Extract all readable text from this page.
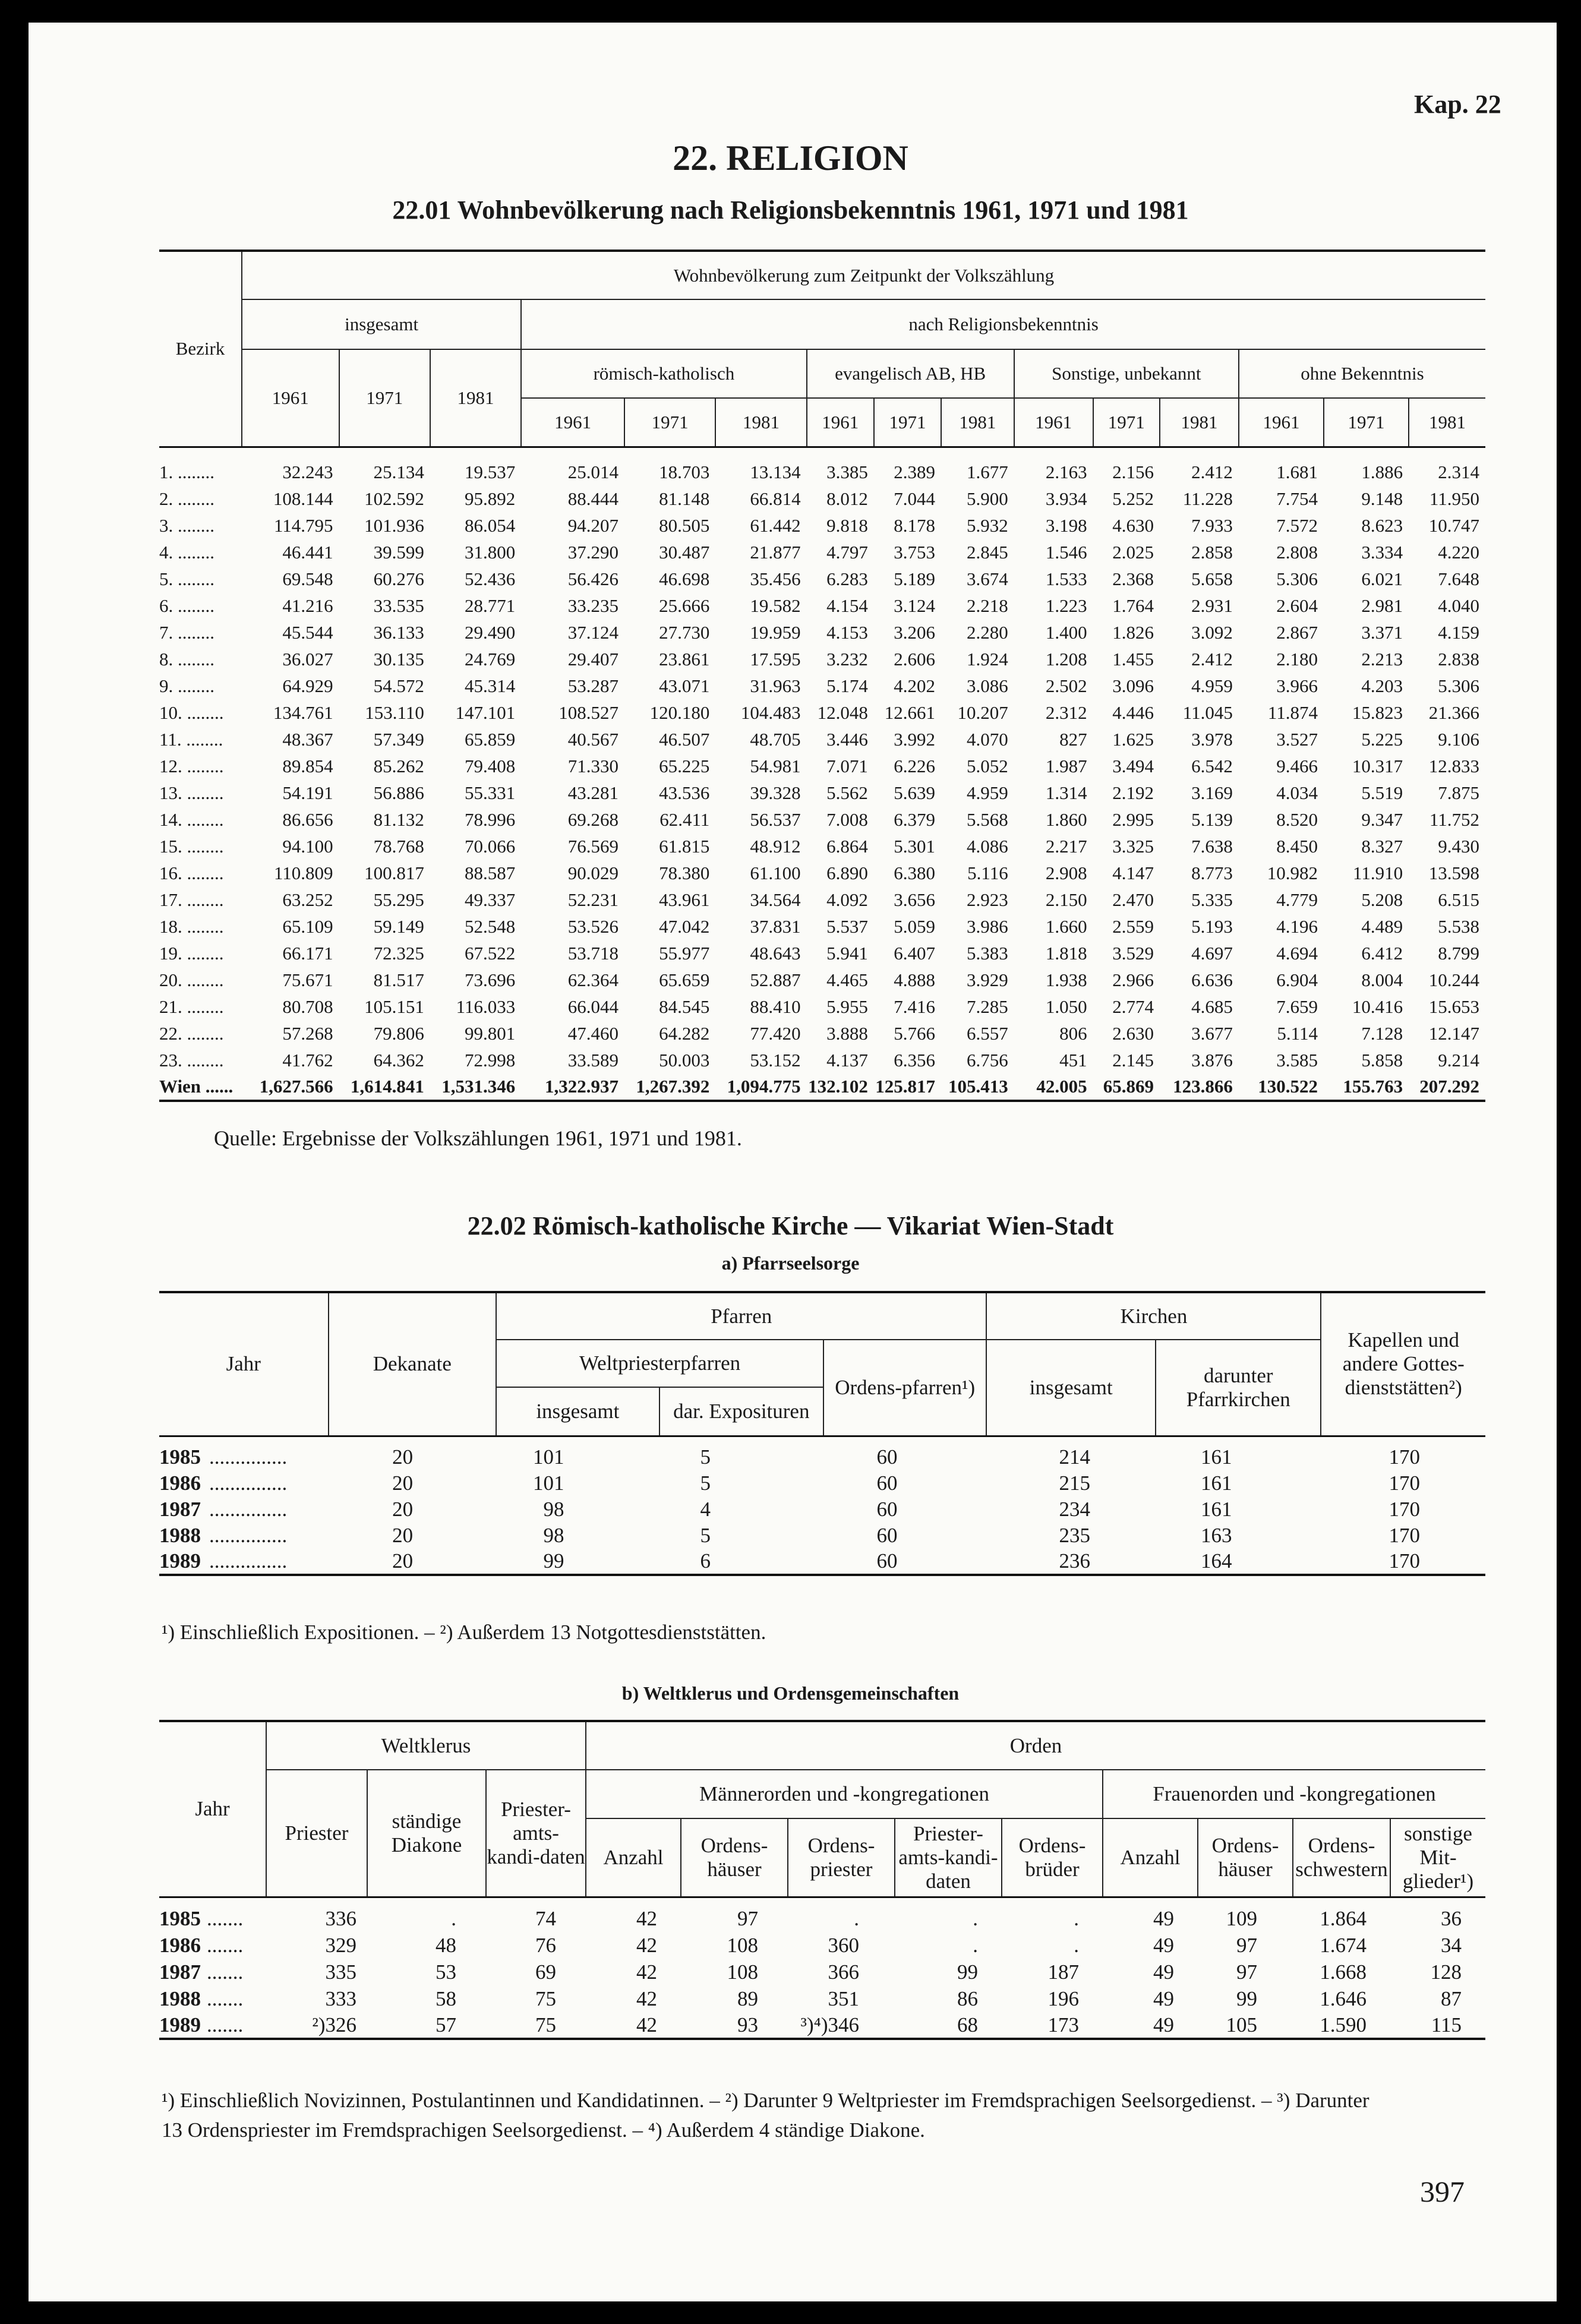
Kap. 22
22. RELIGION
22.01 Wohnbevölkerung nach Religionsbekenntnis 1961, 1971 und 1981
Bezirk	Wohnbevölkerung zum Zeitpunkt der Volkszählung														
	insgesamt			nach Religionsbekenntnis											
	1961	1971	1981	römisch-katholisch			evangelisch AB, HB			Sonstige, unbekannt			ohne Bekenntnis		
				1961	1971	1981	1961	1971	1981	1961	1971	1981	1961	1971	1981

1. ........	32.243	25.134	19.537	25.014	18.703	13.134	3.385	2.389	1.677	2.163	2.156	2.412	1.681	1.886	2.314
2. ........	108.144	102.592	95.892	88.444	81.148	66.814	8.012	7.044	5.900	3.934	5.252	11.228	7.754	9.148	11.950
3. ........	114.795	101.936	86.054	94.207	80.505	61.442	9.818	8.178	5.932	3.198	4.630	7.933	7.572	8.623	10.747
4. ........	46.441	39.599	31.800	37.290	30.487	21.877	4.797	3.753	2.845	1.546	2.025	2.858	2.808	3.334	4.220
5. ........	69.548	60.276	52.436	56.426	46.698	35.456	6.283	5.189	3.674	1.533	2.368	5.658	5.306	6.021	7.648
6. ........	41.216	33.535	28.771	33.235	25.666	19.582	4.154	3.124	2.218	1.223	1.764	2.931	2.604	2.981	4.040
7. ........	45.544	36.133	29.490	37.124	27.730	19.959	4.153	3.206	2.280	1.400	1.826	3.092	2.867	3.371	4.159
8. ........	36.027	30.135	24.769	29.407	23.861	17.595	3.232	2.606	1.924	1.208	1.455	2.412	2.180	2.213	2.838
9. ........	64.929	54.572	45.314	53.287	43.071	31.963	5.174	4.202	3.086	2.502	3.096	4.959	3.966	4.203	5.306
10. ........	134.761	153.110	147.101	108.527	120.180	104.483	12.048	12.661	10.207	2.312	4.446	11.045	11.874	15.823	21.366
11. ........	48.367	57.349	65.859	40.567	46.507	48.705	3.446	3.992	4.070	827	1.625	3.978	3.527	5.225	9.106
12. ........	89.854	85.262	79.408	71.330	65.225	54.981	7.071	6.226	5.052	1.987	3.494	6.542	9.466	10.317	12.833
13. ........	54.191	56.886	55.331	43.281	43.536	39.328	5.562	5.639	4.959	1.314	2.192	3.169	4.034	5.519	7.875
14. ........	86.656	81.132	78.996	69.268	62.411	56.537	7.008	6.379	5.568	1.860	2.995	5.139	8.520	9.347	11.752
15. ........	94.100	78.768	70.066	76.569	61.815	48.912	6.864	5.301	4.086	2.217	3.325	7.638	8.450	8.327	9.430
16. ........	110.809	100.817	88.587	90.029	78.380	61.100	6.890	6.380	5.116	2.908	4.147	8.773	10.982	11.910	13.598
17. ........	63.252	55.295	49.337	52.231	43.961	34.564	4.092	3.656	2.923	2.150	2.470	5.335	4.779	5.208	6.515
18. ........	65.109	59.149	52.548	53.526	47.042	37.831	5.537	5.059	3.986	1.660	2.559	5.193	4.196	4.489	5.538
19. ........	66.171	72.325	67.522	53.718	55.977	48.643	5.941	6.407	5.383	1.818	3.529	4.697	4.694	6.412	8.799
20. ........	75.671	81.517	73.696	62.364	65.659	52.887	4.465	4.888	3.929	1.938	2.966	6.636	6.904	8.004	10.244
21. ........	80.708	105.151	116.033	66.044	84.545	88.410	5.955	7.416	7.285	1.050	2.774	4.685	7.659	10.416	15.653
22. ........	57.268	79.806	99.801	47.460	64.282	77.420	3.888	5.766	6.557	806	2.630	3.677	5.114	7.128	12.147
23. ........	41.762	64.362	72.998	33.589	50.003	53.152	4.137	6.356	6.756	451	2.145	3.876	3.585	5.858	9.214
Wien ......	1,627.566	1,614.841	1,531.346	1,322.937	1,267.392	1,094.775	132.102	125.817	105.413	42.005	65.869	123.866	130.522	155.763	207.292
Quelle: Ergebnisse der Volkszählungen 1961, 1971 und 1981.
22.02 Römisch-katholische Kirche — Vikariat Wien-Stadt
a) Pfarrseelsorge
Jahr	Dekanate	Pfarren			Kirchen		Kapellen und andere Gottes-dienststätten²)
		Weltpriesterpfarren		Ordens-pfarren¹)	insgesamt	darunter Pfarrkirchen	
		insgesamt	dar. Exposituren				

1985 ...............	20	101	5	60	214	161	170
1986 ...............	20	101	5	60	215	161	170
1987 ...............	20	98	4	60	234	161	170
1988 ...............	20	98	5	60	235	163	170
1989 ...............	20	99	6	60	236	164	170
¹) Einschließlich Expositionen. – ²) Außerdem 13 Notgottesdienststätten.
b) Weltklerus und Ordensgemeinschaften
Jahr	Weltklerus			Orden								
	Priester	ständige Diakone	Priester-amts-kandi-daten	Männerorden und -kongregationen					Frauenorden und -kongregationen			
				Anzahl	Ordens-häuser	Ordens-priester	Priester-amts-kandi-daten	Ordens-brüder	Anzahl	Ordens-häuser	Ordens-schwestern	sonstige Mit-glieder¹)

1985 .......	336	.	74	42	97	.	.	.	49	109	1.864	36
1986 .......	329	48	76	42	108	360	.	.	49	97	1.674	34
1987 .......	335	53	69	42	108	366	99	187	49	97	1.668	128
1988 .......	333	58	75	42	89	351	86	196	49	99	1.646	87
1989 .......	²)326	57	75	42	93	³)⁴)346	68	173	49	105	1.590	115
¹) Einschließlich Novizinnen, Postulantinnen und Kandidatinnen. – ²) Darunter 9 Weltpriester im Fremdsprachigen Seelsorgedienst. – ³) Darunter
13 Ordenspriester im Fremdsprachigen Seelsorgedienst. – ⁴) Außerdem 4 ständige Diakone.
397
